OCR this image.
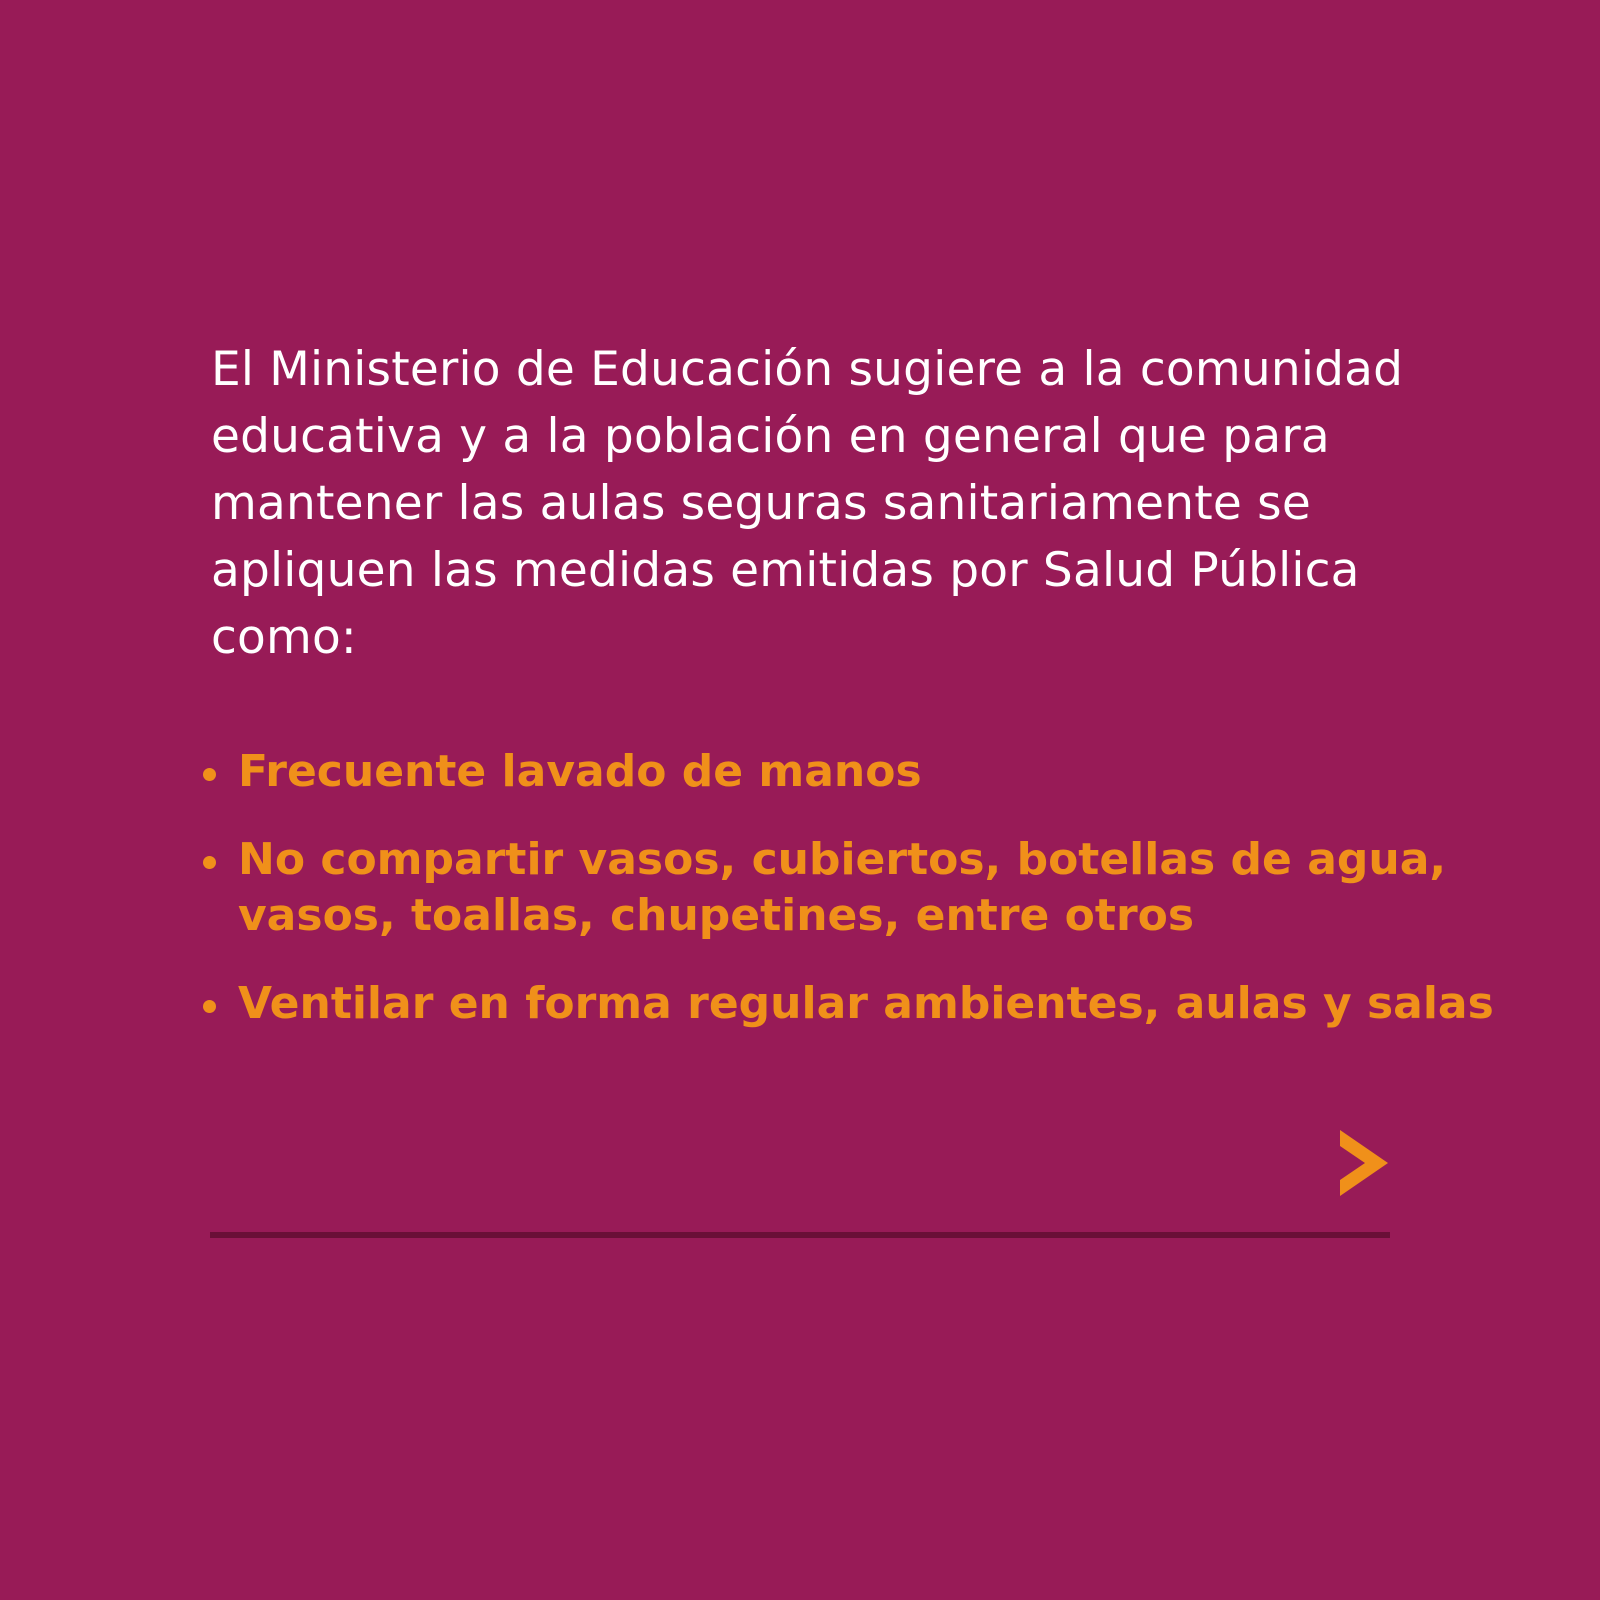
El Ministerio de Educación sugiere a la comunidad
educativa y a la población en general que para
mantener las aulas seguras sanitariamente se
apliquen las medidas emitidas por Salud Pública
como:
Frecuente lavado de manos
No compartir vasos, cubiertos, botellas de agua,
vasos, toallas, chupetines, entre otros
Ventilar en forma regular ambientes, aulas y salas
